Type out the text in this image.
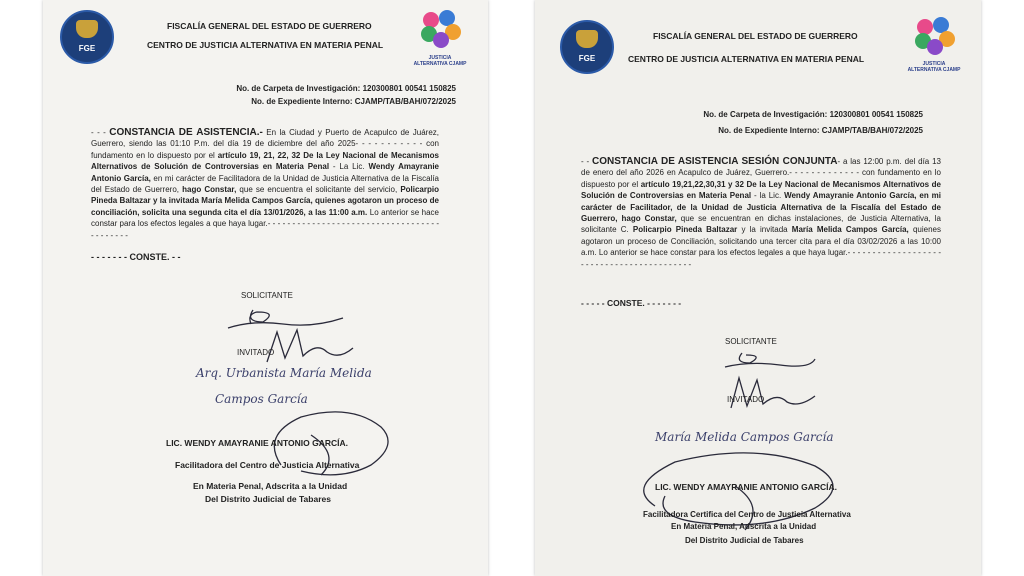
FGE
FISCALÍA GENERAL DEL ESTADO DE GUERRERO
CENTRO DE JUSTICIA ALTERNATIVA EN MATERIA PENAL
JUSTICIA ALTERNATIVA CJAMP
No. de Carpeta de Investigación: 120300801 00541 150825
No. de Expediente Interno: CJAMP/TAB/BAH/072/2025
- - - CONSTANCIA DE ASISTENCIA.- En la Ciudad y Puerto de Acapulco de Juárez, Guerrero, siendo las 01:10 P.m. del día 19 de diciembre del año 2025- - - - - - - - - - - con fundamento en lo dispuesto por el artículo 19, 21, 22, 32 De la Ley Nacional de Mecanismos Alternativos de Solución de Controversias en Materia Penal - La Lic. Wendy Amayranie Antonio García, en mi carácter de Facilitadora de la Unidad de Justicia Alternativa de la Fiscalía del Estado de Guerrero, hago Constar, que se encuentra el solicitante del servicio, Policarpio Pineda Baltazar y la invitada María Melida Campos García, quienes agotaron un proceso de conciliación, solicita una segunda cita el día 13/01/2026, a las 11:00 a.m. Lo anterior se hace constar para los efectos legales a que haya lugar.- - - - - - - - - - - - - - - - - - - - - - - - - - - - - - - - - - - - - - - - - - -
- - - - - - - CONSTE. - -
SOLICITANTE
INVITADO
Arq. Urbanista María Melida
Campos García
LIC. WENDY AMAYRANIE ANTONIO GARCÍA.
Facilitadora del Centro de Justicia Alternativa
En Materia Penal, Adscrita a la Unidad
Del Distrito Judicial de Tabares
FGE
FISCALÍA GENERAL DEL ESTADO DE GUERRERO
CENTRO DE JUSTICIA ALTERNATIVA EN MATERIA PENAL	JUSTICIA ALTERNATIVA CJAMP
No. de Carpeta de Investigación: 120300801 00541 150825
No. de Expediente Interno: CJAMP/TAB/BAH/072/2025
- - CONSTANCIA DE ASISTENCIA SESIÓN CONJUNTA- a las 12:00 p.m. del día 13 de enero del año 2026 en Acapulco de Juárez, Guerrero.- - - - - - - - - - - - - con fundamento en lo dispuesto por el artículo 19,21,22,30,31 y 32 De la Ley Nacional de Mecanismos Alternativos de Solución de Controversias en Materia Penal - la Lic. Wendy Amayranie Antonio García, en mi carácter de Facilitador, de la Unidad de Justicia Alternativa de la Fiscalía del Estado de Guerrero, hago Constar, que se encuentran en dichas instalaciones, de Justicia Alternativa, la solicitante C. Policarpio Pineda Baltazar y la invitada María Melida Campos García, quienes agotaron un proceso de Conciliación, solicitando una tercer cita para el día 03/02/2026 a las 10:00 a.m. Lo anterior se hace constar para los efectos legales a que haya lugar.- - - - - - - - - - - - - - - - - - - - - - - - - - - - - - - - - - - - - - - - - -
- - - - - CONSTE. - - - - - - -
SOLICITANTE
INVITADO
María Melida Campos García
LIC. WENDY AMAYRANIE ANTONIO GARCÍA.
Facilitadora Certifica del Centro de Justicia Alternativa
En Materia Penal, Adscrita a la Unidad
Del Distrito Judicial de Tabares
